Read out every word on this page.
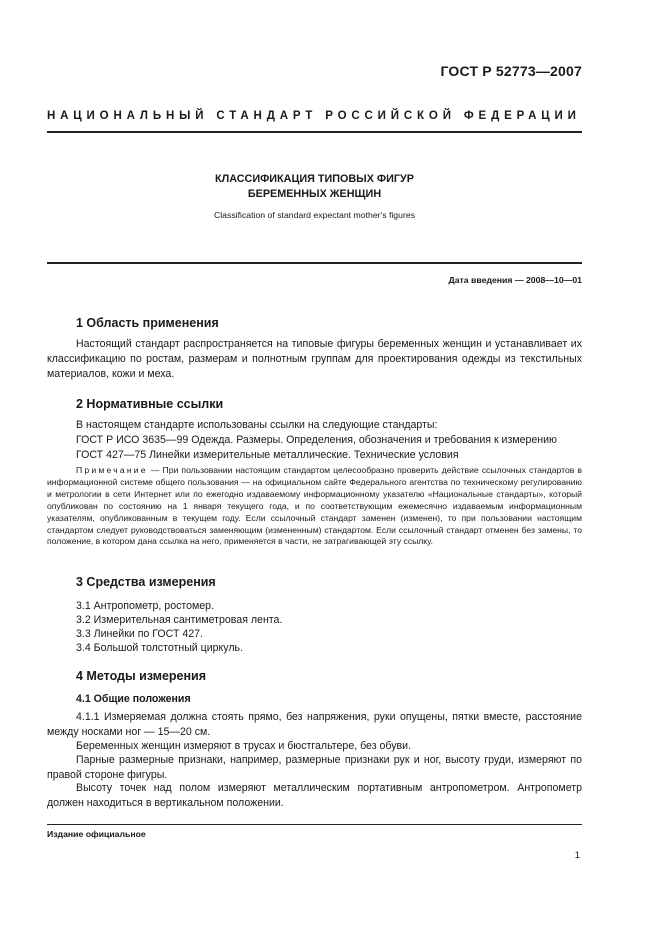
ГОСТ Р 52773—2007
НАЦИОНАЛЬНЫЙ СТАНДАРТ РОССИЙСКОЙ ФЕДЕРАЦИИ
КЛАССИФИКАЦИЯ ТИПОВЫХ ФИГУР
БЕРЕМЕННЫХ ЖЕНЩИН
Classification of standard expectant mother's figures
Дата введения — 2008—10—01
1 Область применения
Настоящий стандарт распространяется на типовые фигуры беременных женщин и устанавливает их классификацию по ростам, размерам и полнотным группам для проектирования одежды из текстильных материалов, кожи и меха.
2 Нормативные ссылки
В настоящем стандарте использованы ссылки на следующие стандарты:
ГОСТ Р ИСО 3635—99 Одежда. Размеры. Определения, обозначения и требования к измерению
ГОСТ 427—75 Линейки измерительные металлические. Технические условия
Примечание — При пользовании настоящим стандартом целесообразно проверить действие ссылочных стандартов в информационной системе общего пользования — на официальном сайте Федерального агентства по техническому регулированию и метрологии в сети Интернет или по ежегодно издаваемому информационному указателю «Национальные стандарты», который опубликован по состоянию на 1 января текущего года, и по соответствующим ежемесячно издаваемым информационным указателям, опубликованным в текущем году. Если ссылочный стандарт заменен (изменен), то при пользовании настоящим стандартом следует руководствоваться заменяющим (измененным) стандартом. Если ссылочный стандарт отменен без замены, то положение, в котором дана ссылка на него, применяется в части, не затрагивающей эту ссылку.
3 Средства измерения
3.1 Антропометр, ростомер.
3.2 Измерительная сантиметровая лента.
3.3 Линейки по ГОСТ 427.
3.4 Большой толстотный циркуль.
4 Методы измерения
4.1 Общие положения
4.1.1 Измеряемая должна стоять прямо, без напряжения, руки опущены, пятки вместе, расстояние между носками ног — 15—20 см.
Беременных женщин измеряют в трусах и бюстгальтере, без обуви.
Парные размерные признаки, например, размерные признаки рук и ног, высоту груди, измеряют по правой стороне фигуры.
Высоту точек над полом измеряют металлическим портативным антропометром. Антропометр должен находиться в вертикальном положении.
Издание официальное
1
